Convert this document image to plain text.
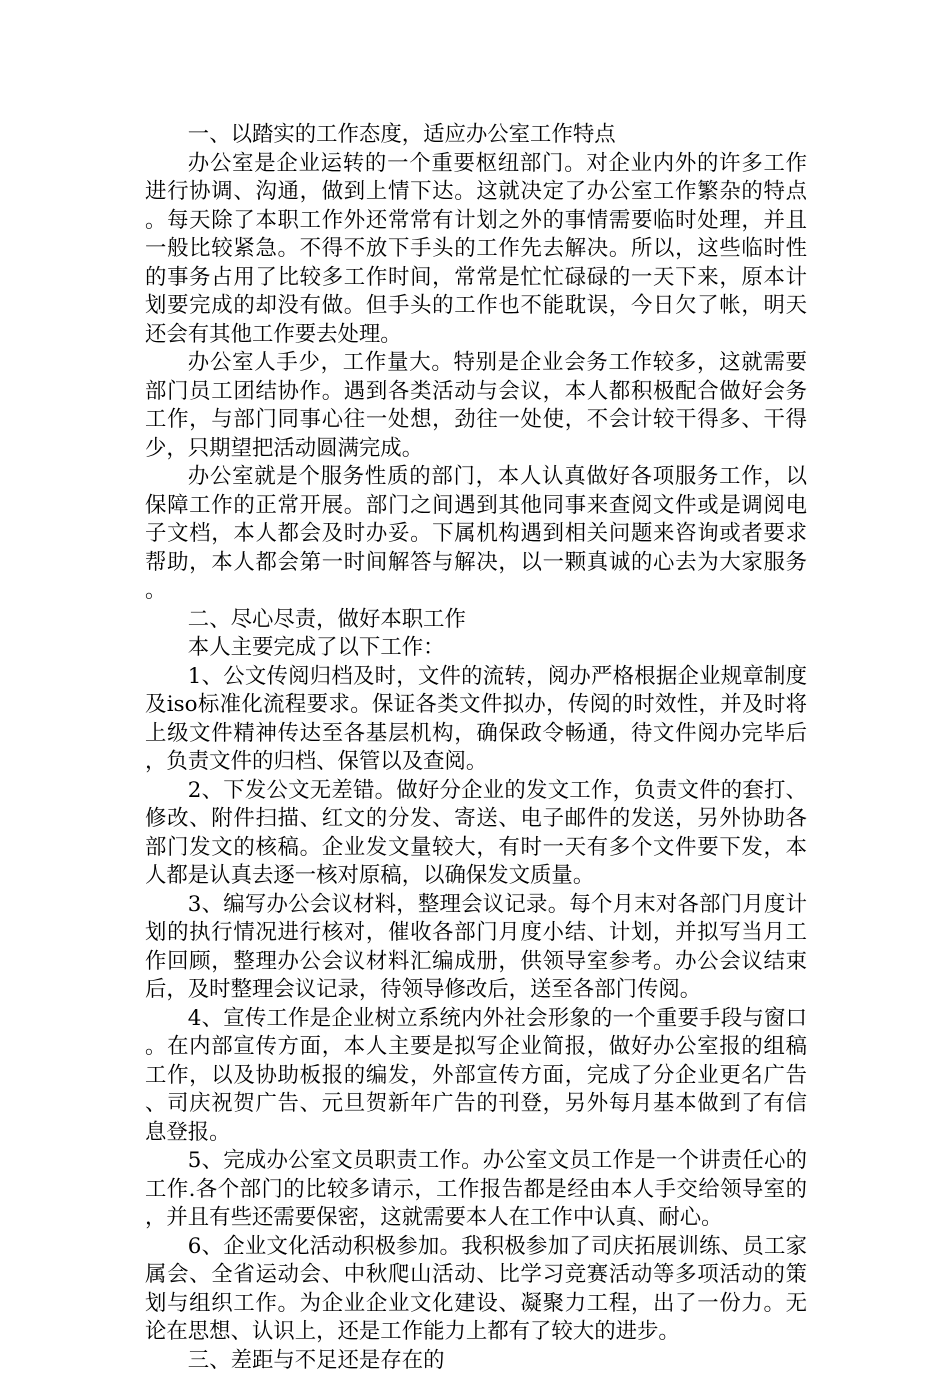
一、以踏实的工作态度，适应办公室工作特点

办公室是企业运转的一个重要枢纽部门。对企业内外的许多工作进行协调、沟通，做到上情下达。这就决定了办公室工作繁杂的特点。每天除了本职工作外还常常有计划之外的事情需要临时处理，并且一般比较紧急。不得不放下手头的工作先去解决。所以，这些临时性的事务占用了比较多工作时间，常常是忙忙碌碌的一天下来，原本计划要完成的却没有做。但手头的工作也不能耽误，今日欠了帐，明天还会有其他工作要去处理。

办公室人手少，工作量大。特别是企业会务工作较多，这就需要部门员工团结协作。遇到各类活动与会议，本人都积极配合做好会务工作，与部门同事心往一处想，劲往一处使，不会计较干得多、干得少，只期望把活动圆满完成。

办公室就是个服务性质的部门，本人认真做好各项服务工作，以保障工作的正常开展。部门之间遇到其他同事来查阅文件或是调阅电子文档，本人都会及时办妥。下属机构遇到相关问题来咨询或者要求帮助，本人都会第一时间解答与解决，以一颗真诚的心去为大家服务。

二、尽心尽责，做好本职工作

本人主要完成了以下工作：

1、公文传阅归档及时，文件的流转，阅办严格根据企业规章制度及iso标准化流程要求。保证各类文件拟办，传阅的时效性，并及时将上级文件精神传达至各基层机构，确保政令畅通，待文件阅办完毕后，负责文件的归档、保管以及查阅。

2、下发公文无差错。做好分企业的发文工作，负责文件的套打、修改、附件扫描、红文的分发、寄送、电子邮件的发送，另外协助各部门发文的核稿。企业发文量较大，有时一天有多个文件要下发，本人都是认真去逐一核对原稿，以确保发文质量。

3、编写办公会议材料，整理会议记录。每个月末对各部门月度计划的执行情况进行核对，催收各部门月度小结、计划，并拟写当月工作回顾，整理办公会议材料汇编成册，供领导室参考。办公会议结束后，及时整理会议记录，待领导修改后，送至各部门传阅。

4、宣传工作是企业树立系统内外社会形象的一个重要手段与窗口。在内部宣传方面，本人主要是拟写企业简报，做好办公室报的组稿工作，以及协助板报的编发，外部宣传方面，完成了分企业更名广告、司庆祝贺广告、元旦贺新年广告的刊登，另外每月基本做到了有信息登报。

5、完成办公室文员职责工作。办公室文员工作是一个讲责任心的工作.各个部门的比较多请示，工作报告都是经由本人手交给领导室的，并且有些还需要保密，这就需要本人在工作中认真、耐心。

6、企业文化活动积极参加。我积极参加了司庆拓展训练、员工家属会、全省运动会、中秋爬山活动、比学习竞赛活动等多项活动的策划与组织工作。为企业企业文化建设、凝聚力工程，出了一份力。无论在思想、认识上，还是工作能力上都有了较大的进步。

三、差距与不足还是存在的
